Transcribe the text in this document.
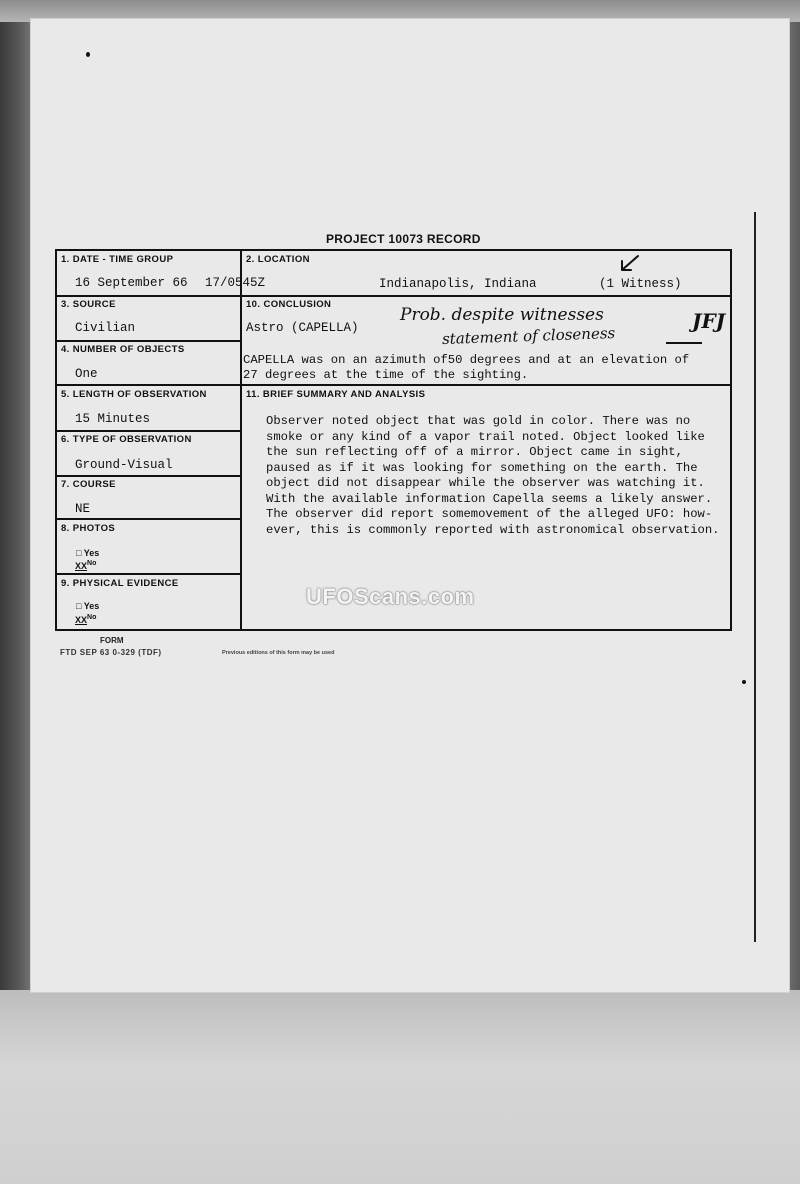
PROJECT 10073 RECORD
1. DATE - TIME GROUP
16 September 66 17/0545Z
2. LOCATION
Indianapolis, Indiana	(1 Witness)
3. SOURCE
Civilian
4. NUMBER OF OBJECTS
One
5. LENGTH OF OBSERVATION
15 Minutes
6. TYPE OF OBSERVATION
Ground-Visual
7. COURSE
NE
8. PHOTOS
□ Yes
$XX^{No}$
9. PHYSICAL EVIDENCE
□ Yes
$XX^{No}$
10. CONCLUSION
Astro (CAPELLA)
Prob. despite witnesses
statement of closeness
JFJ
CAPELLA was on an azimuth of50 degrees and at an elevation of
27 degrees at the time of the sighting.
11. BRIEF SUMMARY AND ANALYSIS
Observer noted object that was gold in color. There was no
smoke or any kind of a vapor trail noted. Object looked like
the sun reflecting off of a mirror. Object came in sight,
paused as if it was looking for something on the earth. The
object did not disappear while the observer was watching it.
With the available information Capella seems a likely answer.
The observer did report somemovement of the alleged UFO: how-
ever, this is commonly reported with astronomical observation.
UFOScans.com
FORM
FTD SEP 63 0-329 (TDF)	Previous editions of this form may be used
